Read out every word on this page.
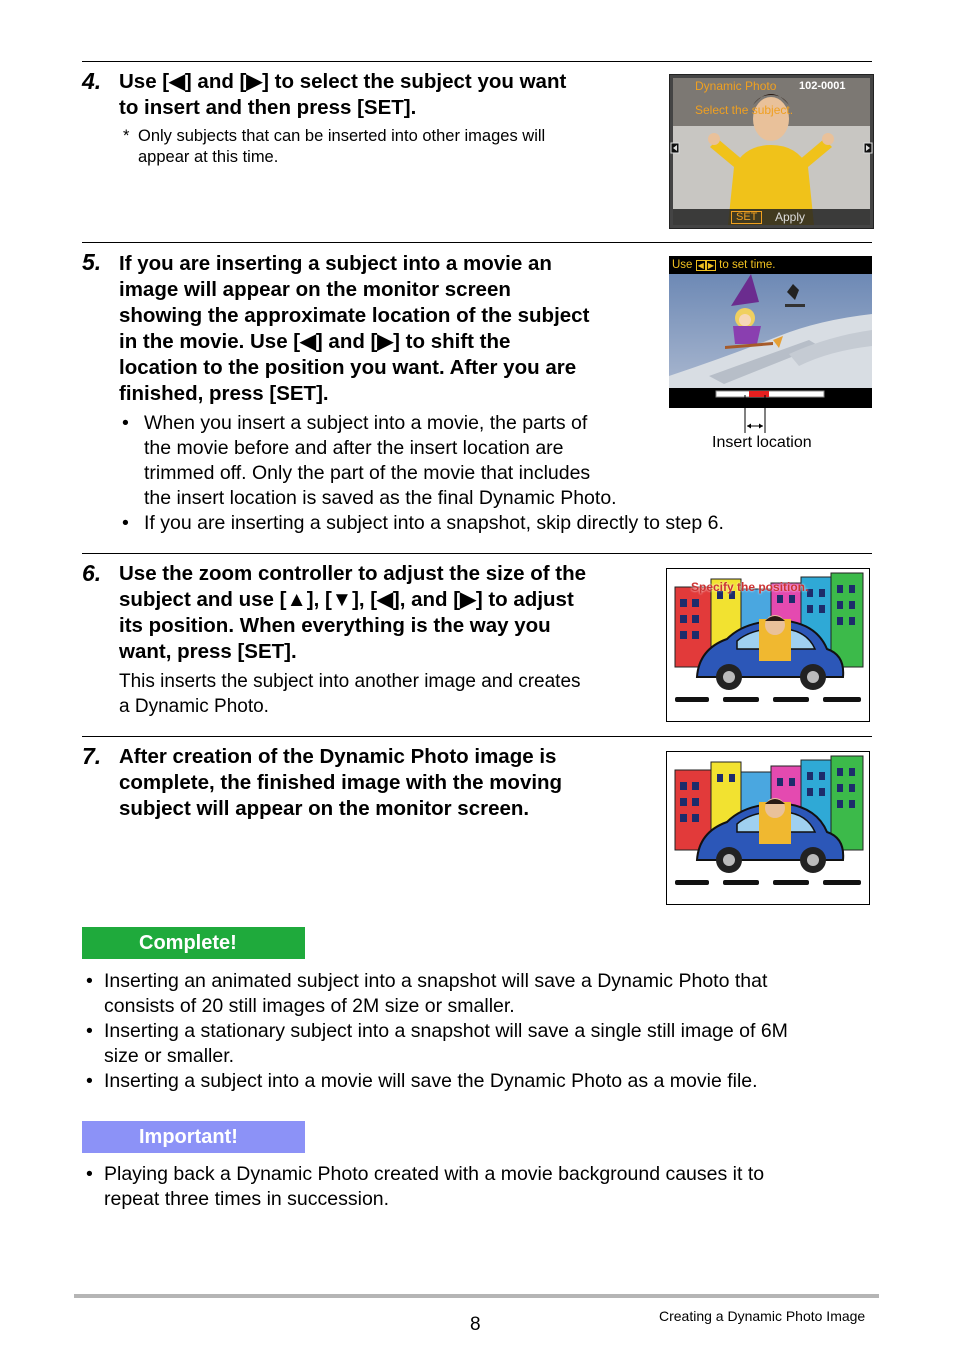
4. Use [◀] and [▶] to select the subject you want
to insert and then press [SET].
* Only subjects that can be inserted into other images will
appear at this time.
Dynamic Photo 102-0001
Select the subject.
SET	Apply
5. If you are inserting a subject into a movie an
image will appear on the monitor screen
showing the approximate location of the subject
in the movie. Use [◀] and [▶] to shift the
location to the position you want. After you are
finished, press [SET].
• When you insert a subject into a movie, the parts of
the movie before and after the insert location are
trimmed off. Only the part of the movie that includes
the insert location is saved as the final Dynamic Photo.
• If you are inserting a subject into a snapshot, skip directly to step 6.
Use ◀ ▶ to set time.
Insert location
6. Use the zoom controller to adjust the size of the
subject and use [▲], [▼], [◀], and [▶] to adjust
its position. When everything is the way you
want, press [SET].
This inserts the subject into another image and creates
a Dynamic Photo.
Specify the position.
7. After creation of the Dynamic Photo image is
complete, the finished image with the moving
subject will appear on the monitor screen.
Complete!
• Inserting an animated subject into a snapshot will save a Dynamic Photo that
consists of 20 still images of 2M size or smaller.
• Inserting a stationary subject into a snapshot will save a single still image of 6M
size or smaller.
• Inserting a subject into a movie will save the Dynamic Photo as a movie file.
Important!
• Playing back a Dynamic Photo created with a movie background causes it to
repeat three times in succession.
8	Creating a Dynamic Photo Image
